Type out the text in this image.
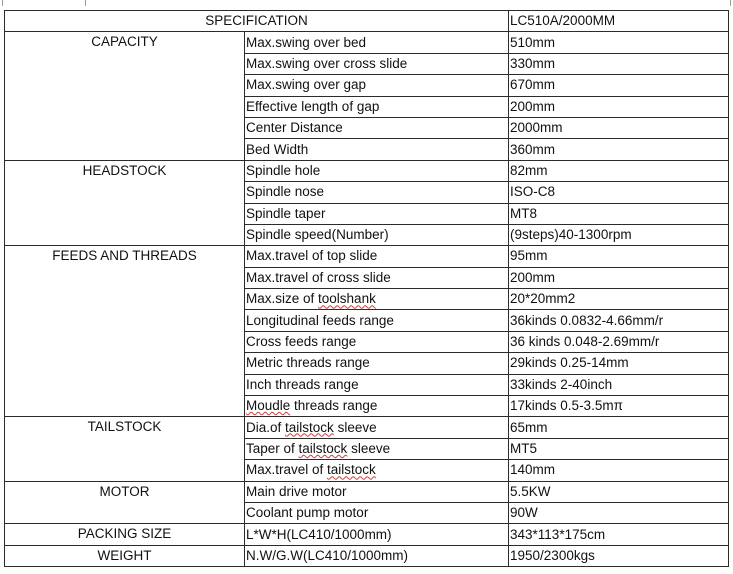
SPECIFICATION		LC510A/2000MM
CAPACITY	Max.swing over bed	510mm
	Max.swing over cross slide	330mm
	Max.swing over gap	670mm
	Effective length of gap	200mm
	Center Distance	2000mm
	Bed Width	360mm
HEADSTOCK	Spindle hole	82mm
	Spindle nose	ISO-C8
	Spindle taper	MT8
	Spindle speed(Number)	(9steps)40-1300rpm
FEEDS AND THREADS	Max.travel of top slide	95mm
	Max.travel of cross slide	200mm
	Max.size of toolshank	20*20mm2
	Longitudinal feeds range	36kinds 0.0832-4.66mm/r
	Cross feeds range	36 kinds 0.048-2.69mm/r
	Metric threads range	29kinds 0.25-14mm
	Inch threads range	33kinds 2-40inch
	Moudle threads range	17kinds 0.5-3.5mπ
TAILSTOCK	Dia.of tailstock sleeve	65mm
	Taper of tailstock sleeve	MT5
	Max.travel of tailstock	140mm
MOTOR	Main drive motor	5.5KW
	Coolant pump motor	90W
PACKING SIZE	L*W*H(LC410/1000mm)	343*113*175cm
WEIGHT	N.W/G.W(LC410/1000mm)	1950/2300kgs
